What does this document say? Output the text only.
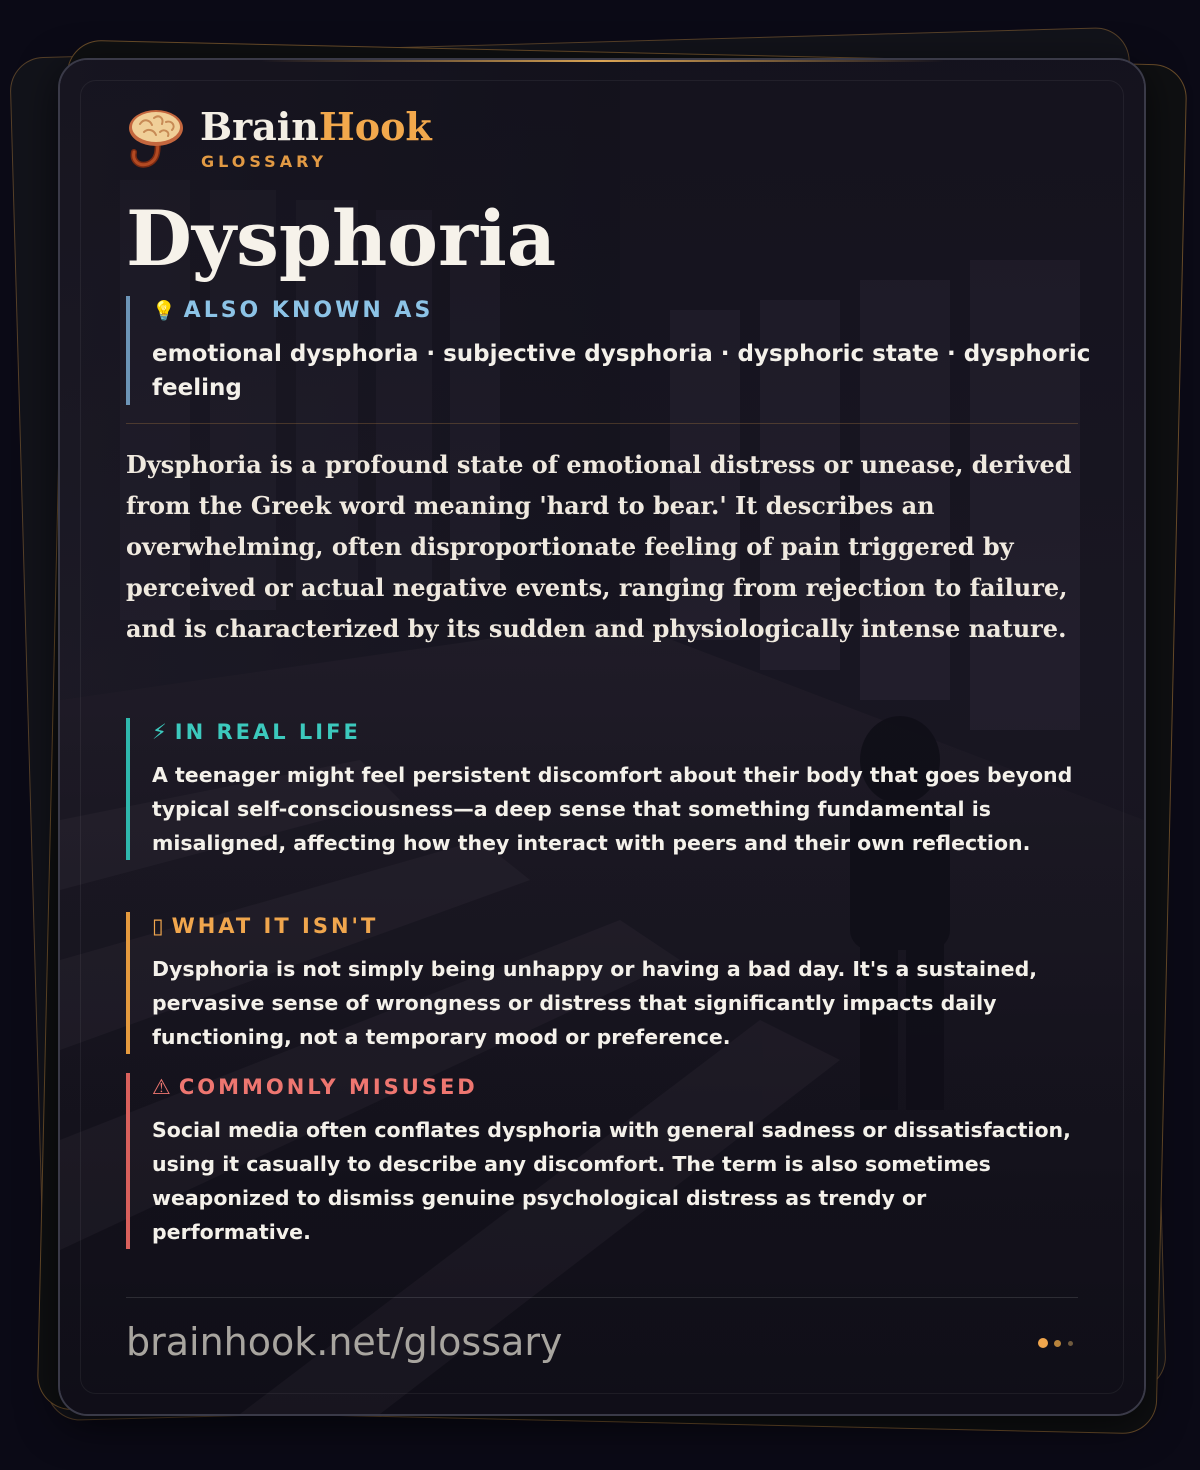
BrainHook
GLOSSARY
Dysphoria
💡 ALSO KNOWN AS
emotional dysphoria · subjective dysphoria · dysphoric state · dysphoric feeling
Dysphoria is a profound state of emotional distress or unease, derived from the Greek word meaning 'hard to bear.' It describes an overwhelming, often disproportionate feeling of pain triggered by perceived or actual negative events, ranging from rejection to failure, and is characterized by its sudden and physiologically intense nature.
⚡ IN REAL LIFE
A teenager might feel persistent discomfort about their body that goes beyond typical self-consciousness—a deep sense that something fundamental is misaligned, affecting how they interact with peers and their own reflection.
▯ WHAT IT ISN'T
Dysphoria is not simply being unhappy or having a bad day. It's a sustained, pervasive sense of wrongness or distress that significantly impacts daily functioning, not a temporary mood or preference.
⚠ COMMONLY MISUSED
Social media often conflates dysphoria with general sadness or dissatisfaction, using it casually to describe any discomfort. The term is also sometimes weaponized to dismiss genuine psychological distress as trendy or performative.
brainhook.net/glossary
